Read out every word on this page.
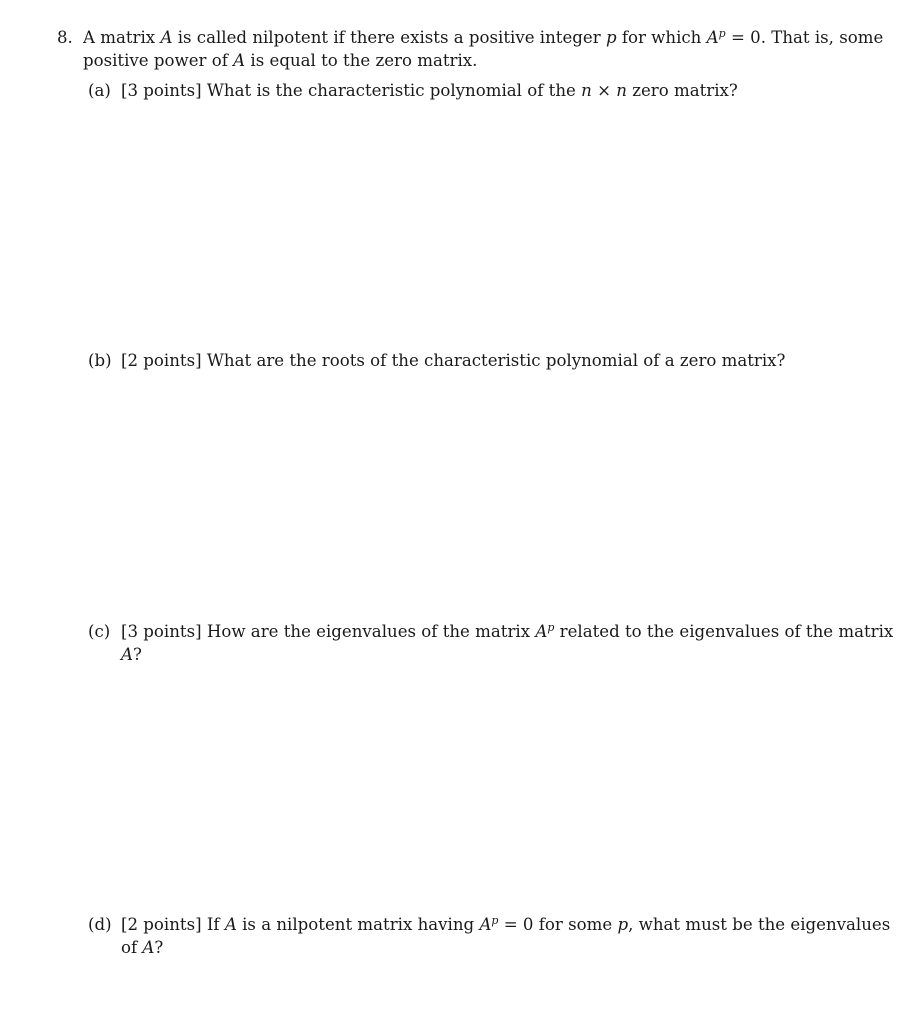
8. A matrix A is called nilpotent if there exists a positive integer p for which $A^p = 0$. That is, some
positive power of A is equal to the zero matrix.
(a) [3 points] What is the characteristic polynomial of the n × n zero matrix?
(b) [2 points] What are the roots of the characteristic polynomial of a zero matrix?
(c) [3 points] How are the eigenvalues of the matrix $A^p$ related to the eigenvalues of the matrix
A?
(d) [2 points] If A is a nilpotent matrix having $A^p = 0$ for some p, what must be the eigenvalues
of A?
